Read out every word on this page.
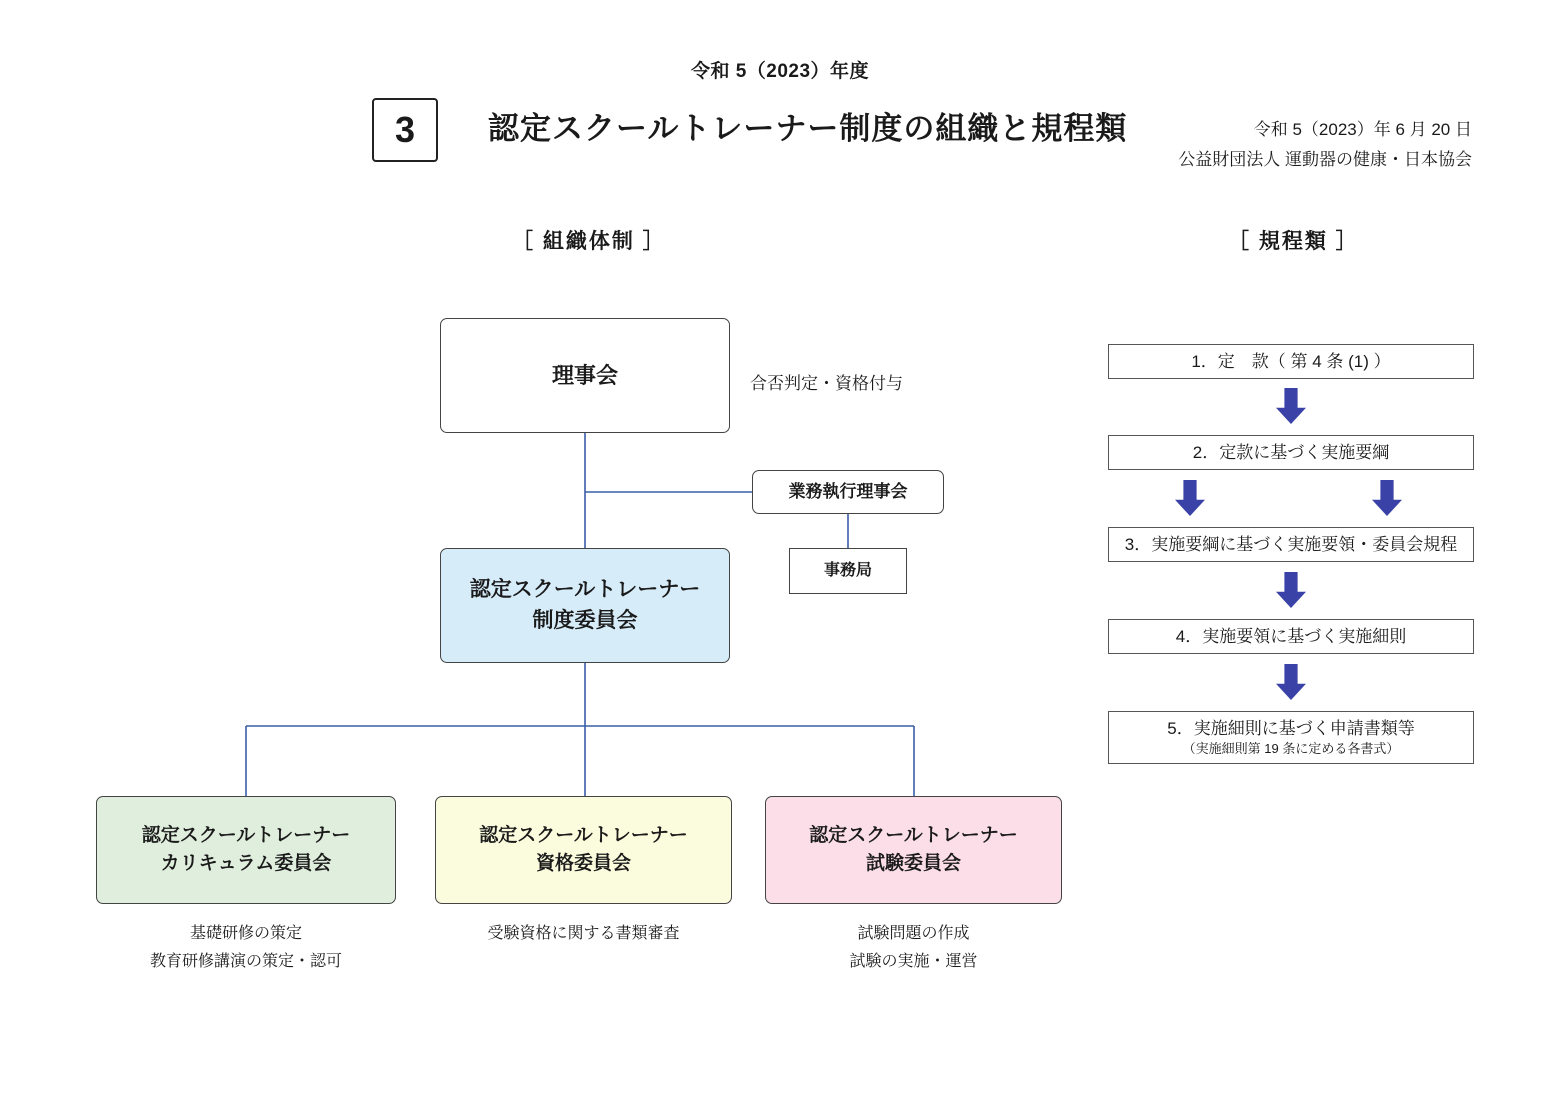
令和 5（2023）年度
3	認定スクールトレーナー制度の組織と規程類	令和 5（2023）年 6 月 20 日
公益財団法人 運動器の健康・日本協会
［ 組織体制 ］	［ 規程類 ］
理事会	合否判定・資格付与
業務執行理事会
事務局
認定スクールトレーナー
制度委員会
認定スクールトレーナー
カリキュラム委員会
基礎研修の策定
教育研修講演の策定・認可
認定スクールトレーナー
資格委員会
受験資格に関する書類審査
認定スクールトレーナー
試験委員会
試験問題の作成
試験の実施・運営
1．定　款（ 第 4 条 (1) ）
2．定款に基づく実施要綱
3．実施要綱に基づく実施要領・委員会規程
4．実施要領に基づく実施細則
5．実施細則に基づく申請書類等
（実施細則第 19 条に定める各書式）
